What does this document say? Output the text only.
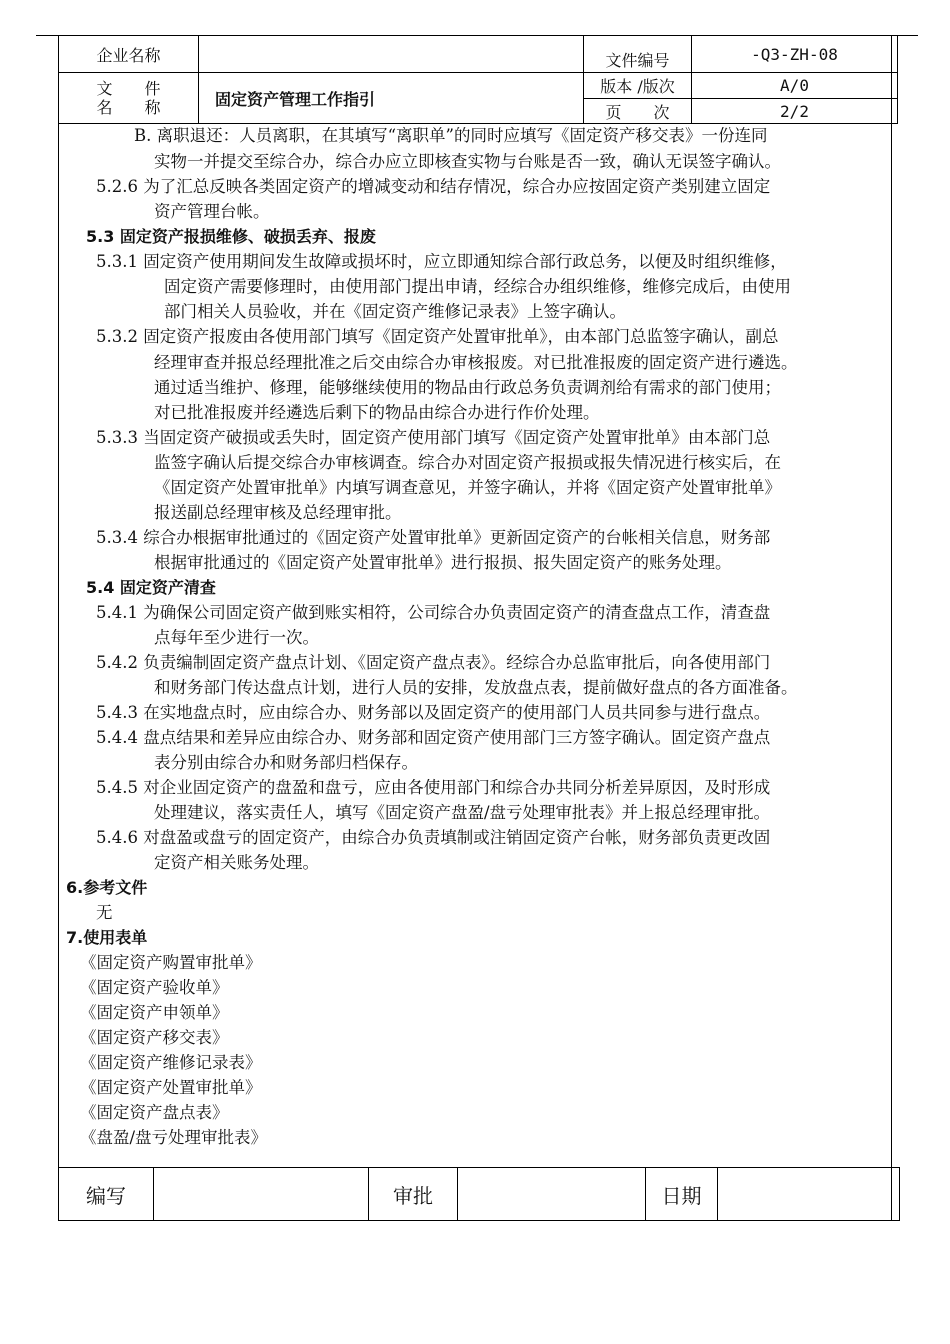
企业名称		文件编号	-Q3-ZH-08

文　　件
名　　称	固定资产管理工作指引	版本 /版次	A/0
		页　　次	2/2
B. 离职退还：人员离职，在其填写“离职单”的同时应填写《固定资产移交表》一份连同
实物一并提交至综合办，综合办应立即核查实物与台账是否一致，确认无误签字确认。
5.2.6 为了汇总反映各类固定资产的增减变动和结存情况，综合办应按固定资产类别建立固定
资产管理台帐。
5.3 固定资产报损维修、破损丢弃、报废
5.3.1 固定资产使用期间发生故障或损坏时，应立即通知综合部行政总务，以便及时组织维修，
固定资产需要修理时，由使用部门提出申请，经综合办组织维修，维修完成后，由使用
部门相关人员验收，并在《固定资产维修记录表》上签字确认。
5.3.2 固定资产报废由各使用部门填写《固定资产处置审批单》，由本部门总监签字确认，副总
经理审查并报总经理批准之后交由综合办审核报废。对已批准报废的固定资产进行遴选。
通过适当维护、修理，能够继续使用的物品由行政总务负责调剂给有需求的部门使用；
对已批准报废并经遴选后剩下的物品由综合办进行作价处理。
5.3.3 当固定资产破损或丢失时，固定资产使用部门填写《固定资产处置审批单》由本部门总
监签字确认后提交综合办审核调查。综合办对固定资产报损或报失情况进行核实后，在
《固定资产处置审批单》内填写调查意见，并签字确认，并将《固定资产处置审批单》
报送副总经理审核及总经理审批。
5.3.4 综合办根据审批通过的《固定资产处置审批单》更新固定资产的台帐相关信息，财务部
根据审批通过的《固定资产处置审批单》进行报损、报失固定资产的账务处理。
5.4 固定资产清查
5.4.1 为确保公司固定资产做到账实相符，公司综合办负责固定资产的清查盘点工作，清查盘
点每年至少进行一次。
5.4.2 负责编制固定资产盘点计划、《固定资产盘点表》。经综合办总监审批后，向各使用部门
和财务部门传达盘点计划，进行人员的安排，发放盘点表，提前做好盘点的各方面准备。
5.4.3 在实地盘点时，应由综合办、财务部以及固定资产的使用部门人员共同参与进行盘点。
5.4.4 盘点结果和差异应由综合办、财务部和固定资产使用部门三方签字确认。固定资产盘点
表分别由综合办和财务部归档保存。
5.4.5 对企业固定资产的盘盈和盘亏，应由各使用部门和综合办共同分析差异原因，及时形成
处理建议，落实责任人，填写《固定资产盘盈/盘亏处理审批表》并上报总经理审批。
5.4.6 对盘盈或盘亏的固定资产，由综合办负责填制或注销固定资产台帐，财务部负责更改固
定资产相关账务处理。
6.参考文件
无
7.使用表单
《固定资产购置审批单》
《固定资产验收单》
《固定资产申领单》
《固定资产移交表》
《固定资产维修记录表》
《固定资产处置审批单》
《固定资产盘点表》
《盘盈/盘亏处理审批表》
编写		审批		日期	
